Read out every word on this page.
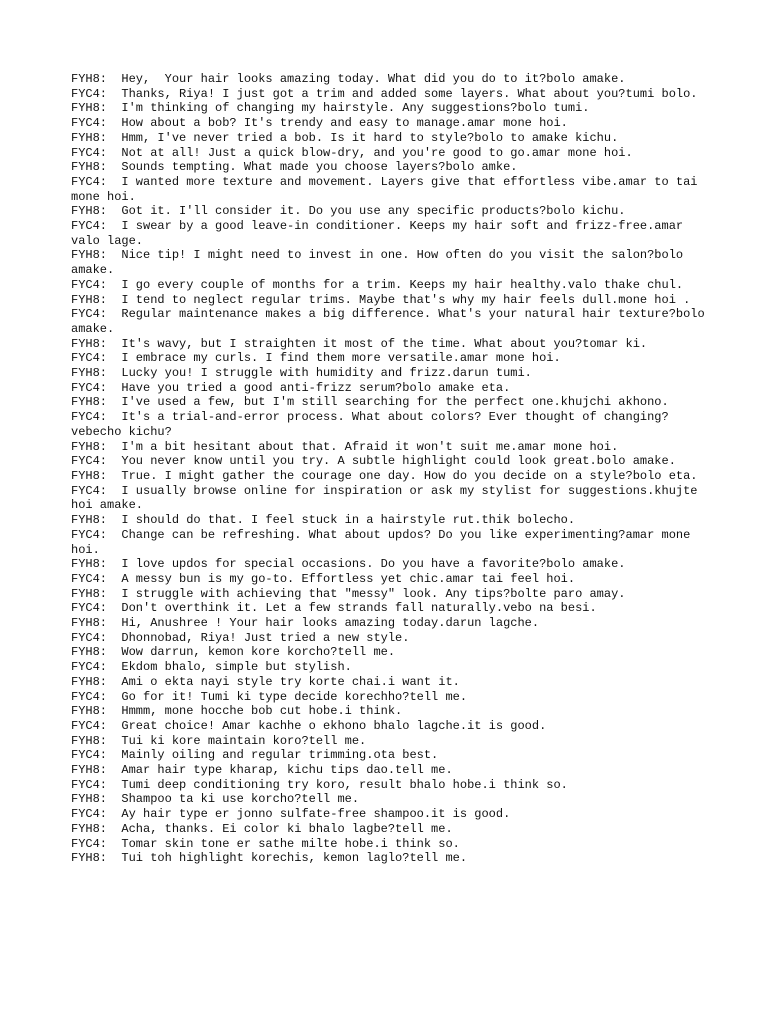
FYH8:  Hey,  Your hair looks amazing today. What did you do to it?bolo amake.
FYC4:  Thanks, Riya! I just got a trim and added some layers. What about you?tumi bolo.
FYH8:  I'm thinking of changing my hairstyle. Any suggestions?bolo tumi.
FYC4:  How about a bob? It's trendy and easy to manage.amar mone hoi.
FYH8:  Hmm, I've never tried a bob. Is it hard to style?bolo to amake kichu.
FYC4:  Not at all! Just a quick blow-dry, and you're good to go.amar mone hoi.
FYH8:  Sounds tempting. What made you choose layers?bolo amke.
FYC4:  I wanted more texture and movement. Layers give that effortless vibe.amar to tai mone hoi.
FYH8:  Got it. I'll consider it. Do you use any specific products?bolo kichu.
FYC4:  I swear by a good leave-in conditioner. Keeps my hair soft and frizz-free.amar valo lage.
FYH8:  Nice tip! I might need to invest in one. How often do you visit the salon?bolo amake.
FYC4:  I go every couple of months for a trim. Keeps my hair healthy.valo thake chul.
FYH8:  I tend to neglect regular trims. Maybe that's why my hair feels dull.mone hoi .
FYC4:  Regular maintenance makes a big difference. What's your natural hair texture?bolo amake.
FYH8:  It's wavy, but I straighten it most of the time. What about you?tomar ki.
FYC4:  I embrace my curls. I find them more versatile.amar mone hoi.
FYH8:  Lucky you! I struggle with humidity and frizz.darun tumi.
FYC4:  Have you tried a good anti-frizz serum?bolo amake eta.
FYH8:  I've used a few, but I'm still searching for the perfect one.khujchi akhono.
FYC4:  It's a trial-and-error process. What about colors? Ever thought of changing?vebecho kichu?
FYH8:  I'm a bit hesitant about that. Afraid it won't suit me.amar mone hoi.
FYC4:  You never know until you try. A subtle highlight could look great.bolo amake.
FYH8:  True. I might gather the courage one day. How do you decide on a style?bolo eta.
FYC4:  I usually browse online for inspiration or ask my stylist for suggestions.khujte hoi amake.
FYH8:  I should do that. I feel stuck in a hairstyle rut.thik bolecho.
FYC4:  Change can be refreshing. What about updos? Do you like experimenting?amar mone hoi.
FYH8:  I love updos for special occasions. Do you have a favorite?bolo amake.
FYC4:  A messy bun is my go-to. Effortless yet chic.amar tai feel hoi.
FYH8:  I struggle with achieving that "messy" look. Any tips?bolte paro amay.
FYC4:  Don't overthink it. Let a few strands fall naturally.vebo na besi.
FYH8:  Hi, Anushree ! Your hair looks amazing today.darun lagche.
FYC4:  Dhonnobad, Riya! Just tried a new style.
FYH8:  Wow darrun, kemon kore korcho?tell me.
FYC4:  Ekdom bhalo, simple but stylish.
FYH8:  Ami o ekta nayi style try korte chai.i want it.
FYC4:  Go for it! Tumi ki type decide korechho?tell me.
FYH8:  Hmmm, mone hocche bob cut hobe.i think.
FYC4:  Great choice! Amar kachhe o ekhono bhalo lagche.it is good.
FYH8:  Tui ki kore maintain koro?tell me.
FYC4:  Mainly oiling and regular trimming.ota best.
FYH8:  Amar hair type kharap, kichu tips dao.tell me.
FYC4:  Tumi deep conditioning try koro, result bhalo hobe.i think so.
FYH8:  Shampoo ta ki use korcho?tell me.
FYC4:  Ay hair type er jonno sulfate-free shampoo.it is good.
FYH8:  Acha, thanks. Ei color ki bhalo lagbe?tell me.
FYC4:  Tomar skin tone er sathe milte hobe.i think so.
FYH8:  Tui toh highlight korechis, kemon laglo?tell me.
